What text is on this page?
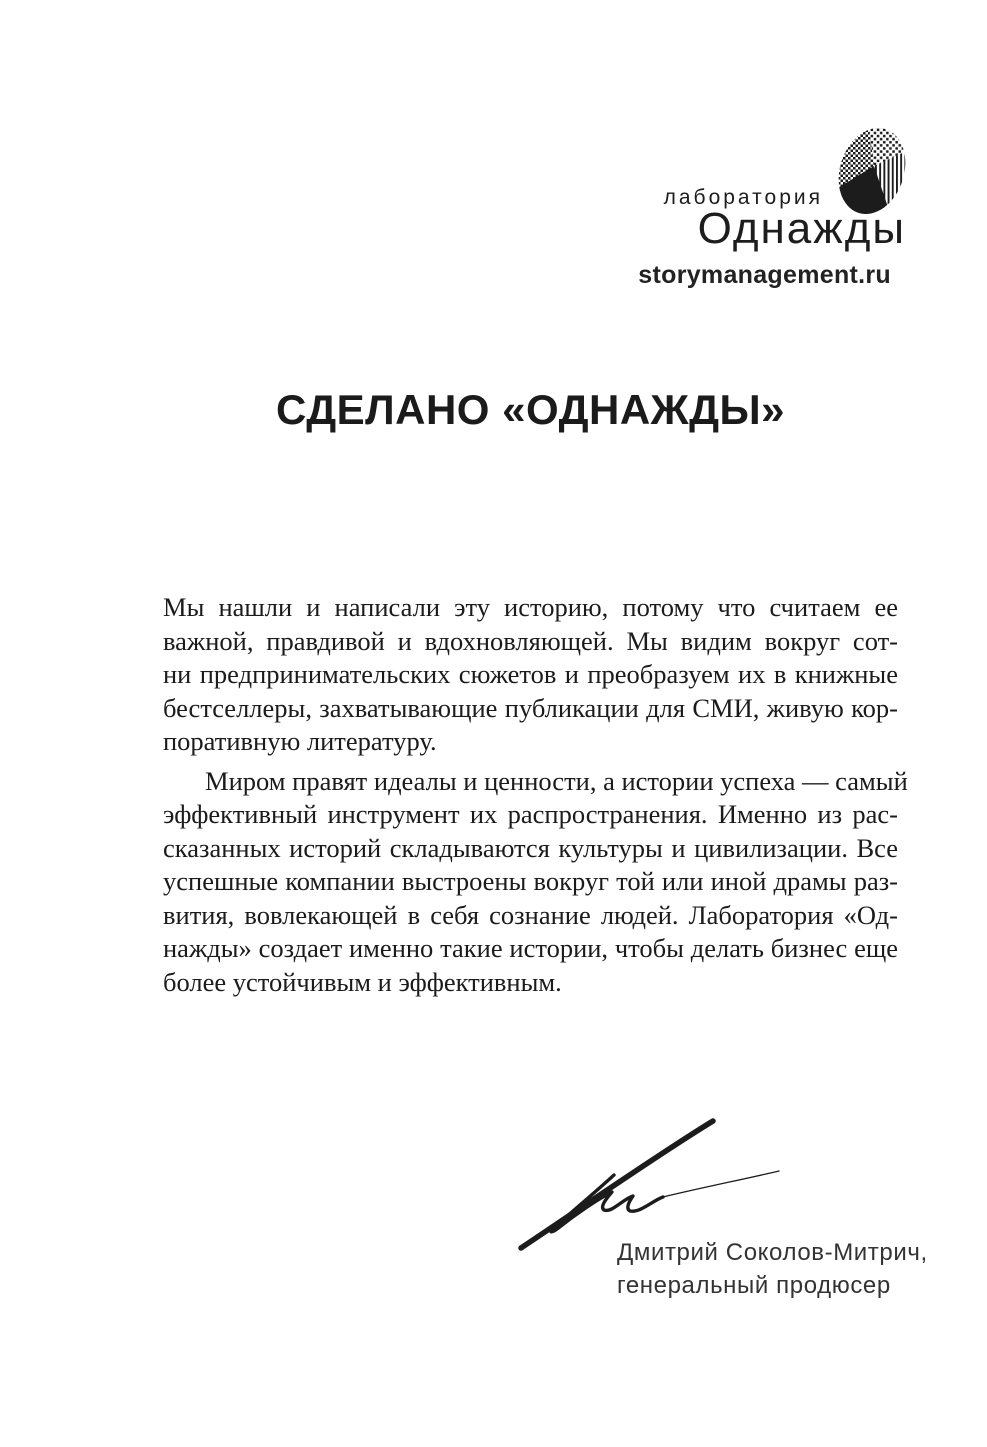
лаборатория
Однажды
storymanagement.ru
СДЕЛАНО «ОДНАЖДЫ»
Мы нашли и написали эту историю, потому что считаем ее
важной, правдивой и вдохновляющей. Мы видим вокруг сот-
ни предпринимательских сюжетов и преобразуем их в книжные
бестселлеры, захватывающие публикации для СМИ, живую кор-
поративную литературу.
Миром правят идеалы и ценности, а истории успеха — самый
эффективный инструмент их распространения. Именно из рас-
сказанных историй складываются культуры и цивилизации. Все
успешные компании выстроены вокруг той или иной драмы раз-
вития, вовлекающей в себя сознание людей. Лаборатория «Од-
нажды» создает именно такие истории, чтобы делать бизнес еще
более устойчивым и эффективным.
Дмитрий Соколов-Митрич,
генеральный продюсер
